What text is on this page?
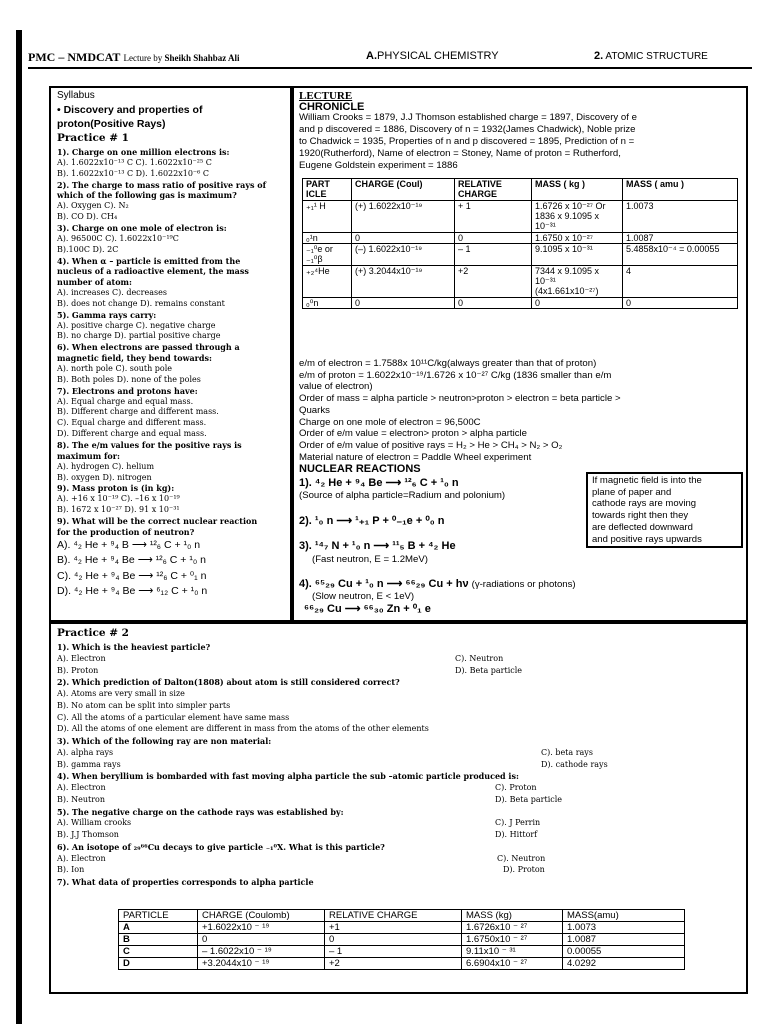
PMC – NMDCAT Lecture by Sheikh Shahbaz Ali	A.PHYSICAL CHEMISTRY	2. ATOMIC STRUCTURE
Syllabus
• Discovery and properties of
proton(Positive Rays)
Practice # 1
1). Charge on one million electrons is:
A). 1.6022x10⁻¹³ C C). 1.6022x10⁻²⁵ C
B). 1.6022x10⁻¹³ C D). 1.6022x10⁻⁶ C
2). The charge to mass ratio of positive rays of
which of the following gas is maximum?
A). Oxygen C). N₂
B). CO D). CH₄
3). Charge on one mole of electron is:
A). 96500C C). 1.6022x10⁻¹⁹C
B).100C D). 2C
4). When α – particle is emitted from the
nucleus of a radioactive element, the mass
number of atom:
A). increases C). decreases
B). does not change D). remains constant
5). Gamma rays carry:
A). positive charge C). negative charge
B). no charge D). partial positive charge
6). When electrons are passed through a
magnetic field, they bend towards:
A). north pole C). south pole
B). Both poles D). none of the poles
7). Electrons and protons have:
A). Equal charge and equal mass.
B). Different charge and different mass.
C). Equal charge and different mass.
D). Different charge and equal mass.
8). The e/m values for the positive rays is
maximum for:
A). hydrogen C). helium
B). oxygen D). nitrogen
9). Mass proton is (in kg):
A). +16 x 10⁻¹⁹ C). –16 x 10⁻¹⁹
B). 1672 x 10⁻²⁷ D). 91 x 10⁻³¹
9). What will be the correct nuclear reaction
for the production of neutron?
A). ⁴₂ He + ⁹₄ B ⟶ ¹²₆ C + ¹₀ n
B). ⁴₂ He + ⁹₄ Be ⟶ ¹²₆ C + ¹₀ n
C). ⁴₂ He + ⁹₄ Be ⟶ ¹²₆ C + ⁰₁ n
D). ⁴₂ He + ⁹₄ Be ⟶ ⁶₁₂ C + ¹₀ n
LECTURE
CHRONICLE
William Crooks = 1879, J.J Thomson established charge = 1897, Discovery of e
and p discovered = 1886, Discovery of n = 1932(James Chadwick), Noble prize
to Chadwick = 1935, Properties of n and p discovered = 1895, Prediction of n =
1920(Rutherford), Name of electron = Stoney, Name of proton = Rutherford,
Eugene Goldstein experiment = 1886
PART ICLE	CHARGE (Coul)	RELATIVE CHARGE	MASS ( kg )	MASS ( amu )
₊₁¹ H	(+) 1.6022x10⁻¹⁹	+ 1	1.6726 x 10⁻²⁷ Or 1836 x 9.1095 x 10⁻³¹	1.0073
₀¹n	0	0	1.6750 x 10⁻²⁷	1.0087
₋₁⁰e or ₋₁⁰β	(–) 1.6022x10⁻¹⁹	– 1	9.1095 x 10⁻³¹	5.4858x10⁻⁴ = 0.00055
₊₂⁴He	(+) 3.2044x10⁻¹⁹	+2	7344 x 9.1095 x 10⁻³¹ (4x1.661x10⁻²⁷)	4
₀⁰n	0	0	0	0
e/m of electron = 1.7588x 10¹¹C/kg(always greater than that of proton)
e/m of proton = 1.6022x10⁻¹⁹/1.6726 x 10⁻²⁷ C/kg (1836 smaller than e/m
value of electron)
Order of mass = alpha particle > neutron>proton > electron = beta particle >
Quarks
Charge on one mole of electron = 96,500C
Order of e/m value = electron> proton > alpha particle
Order of e/m value of positive rays = H₂ > He > CH₄ > N₂ > O₂
Material nature of electron = Paddle Wheel experiment
NUCLEAR REACTIONS
1). ⁴₂ He + ⁹₄ Be ⟶ ¹²₆ C + ¹₀ n
(Source of alpha particle=Radium and polonium)
2). ¹₀ n ⟶ ¹₊₁ P + ⁰₋₁e + ⁰₀ n
3). ¹⁴₇ N + ¹₀ n ⟶ ¹¹₅ B + ⁴₂ He
(Fast neutron, E = 1.2MeV)
4). ⁶⁵₂₉ Cu + ¹₀ n ⟶ ⁶⁶₂₉ Cu + hν (γ-radiations or photons)
(Slow neutron, E < 1eV)
⁶⁶₂₉ Cu ⟶ ⁶⁶₃₀ Zn + ⁰₁ e
If magnetic field is into the
plane of paper and
cathode rays are moving
towards right then they
are deflected downward
and positive rays upwards
Practice # 2
1). Which is the heaviest particle?
A). Electron	C). Neutron
B). Proton	D). Beta particle
2). Which prediction of Dalton(1808) about atom is still considered correct?
A). Atoms are very small in size
B). No atom can be split into simpler parts
C). All the atoms of a particular element have same mass
D). All the atoms of one element are different in mass from the atoms of the other elements
3). Which of the following ray are non material:
A). alpha rays	C). beta rays
B). gamma rays	D). cathode rays
4). When beryllium is bombarded with fast moving alpha particle the sub –atomic particle produced is:
A). Electron	C). Proton
B). Neutron	D). Beta particle
5). The negative charge on the cathode rays was established by:
A). William crooks	C). J Perrin
B). J.J Thomson	D). Hittorf
6). An isotope of ₂₉⁶⁶Cu decays to give particle ₋₁⁰X. What is this particle?
A). Electron	C). Neutron
B). Ion	D). Proton
7). What data of properties corresponds to alpha particle
PARTICLE	CHARGE (Coulomb)	RELATIVE CHARGE	MASS (kg)	MASS(amu)
A	+1.6022x10 ⁻ ¹⁹	+1	1.6726x10 ⁻ ²⁷	1.0073
B	0	0	1.6750x10 ⁻ ²⁷	1.0087
C	– 1.6022x10 ⁻ ¹⁹	– 1	9.11x10 ⁻ ³¹	0.00055
D	+3.2044x10 ⁻ ¹⁹	+2	6.6904x10 ⁻ ²⁷	4.0292
